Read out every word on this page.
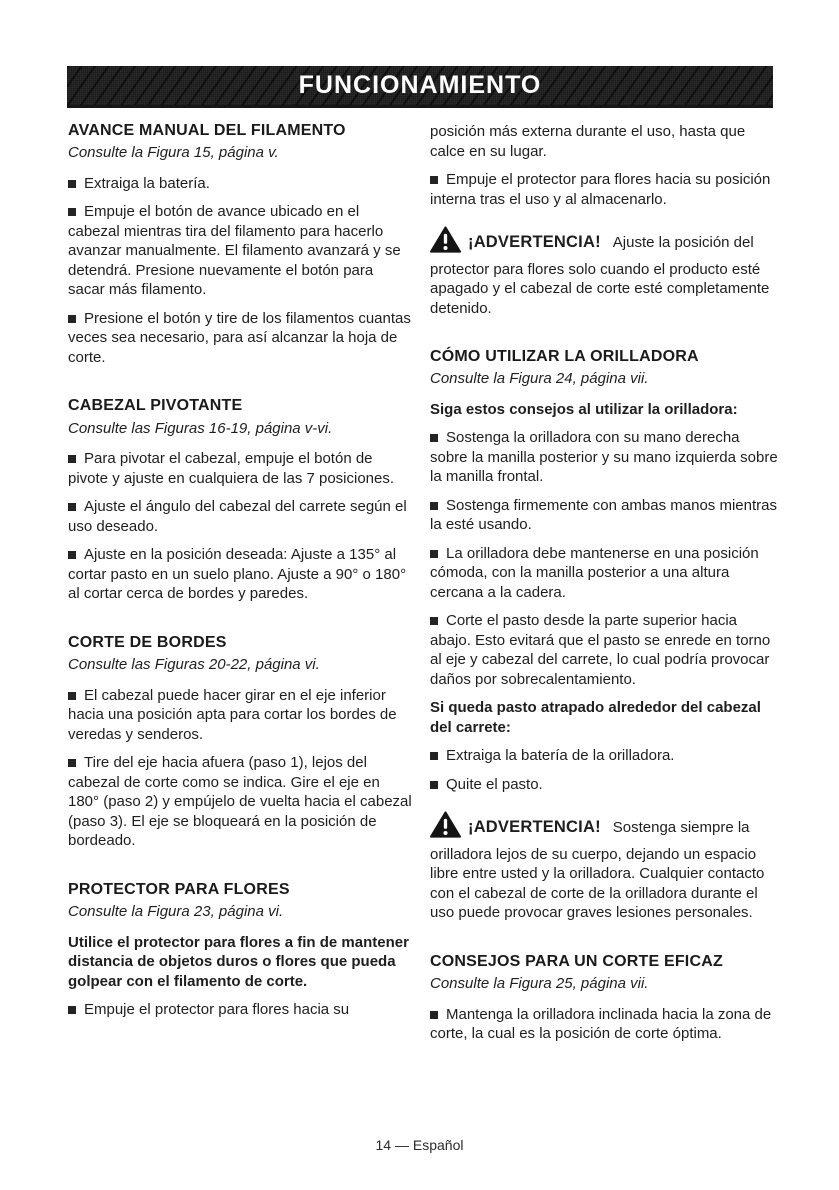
FUNCIONAMIENTO
AVANCE MANUAL DEL FILAMENTO

Consulte la Figura 15, página v.

Extraiga la batería.

Empuje el botón de avance ubicado en el cabezal mientras tira del filamento para hacerlo avanzar manualmente. El filamento avanzará y se detendrá. Presione nuevamente el botón para sacar más filamento.

Presione el botón y tire de los filamentos cuantas veces sea necesario, para así alcanzar la hoja de corte.

CABEZAL PIVOTANTE

Consulte las Figuras 16-19, página v-vi.

Para pivotar el cabezal, empuje el botón de pivote y ajuste en cualquiera de las 7 posiciones.

Ajuste el ángulo del cabezal del carrete según el uso deseado.

Ajuste en la posición deseada: Ajuste a 135° al cortar pasto en un suelo plano. Ajuste a 90° o 180° al cortar cerca de bordes y paredes.

CORTE DE BORDES

Consulte las Figuras 20-22, página vi.

El cabezal puede hacer girar en el eje inferior hacia una posición apta para cortar los bordes de veredas y senderos.

Tire del eje hacia afuera (paso 1), lejos del cabezal de corte como se indica. Gire el eje en 180° (paso 2) y empújelo de vuelta hacia el cabezal (paso 3). El eje se bloqueará en la posición de bordeado.

PROTECTOR PARA FLORES

Consulte la Figura 23, página vi.

Utilice el protector para flores a fin de mantener distancia de objetos duros o flores que pueda golpear con el filamento de corte.

Empuje el protector para flores hacia su

posición más externa durante el uso, hasta que calce en su lugar.

Empuje el protector para flores hacia su posición interna tras el uso y al almacenarlo.

¡ADVERTENCIA! Ajuste la posición del protector para flores solo cuando el producto esté apagado y el cabezal de corte esté completamente detenido.

CÓMO UTILIZAR LA ORILLADORA

Consulte la Figura 24, página vii.

Siga estos consejos al utilizar la orilladora:

Sostenga la orilladora con su mano derecha sobre la manilla posterior y su mano izquierda sobre la manilla frontal.

Sostenga firmemente con ambas manos mientras la esté usando.

La orilladora debe mantenerse en una posición cómoda, con la manilla posterior a una altura cercana a la cadera.

Corte el pasto desde la parte superior hacia abajo. Esto evitará que el pasto se enrede en torno al eje y cabezal del carrete, lo cual podría provocar daños por sobrecalentamiento.

Si queda pasto atrapado alrededor del cabezal del carrete:

Extraiga la batería de la orilladora.

Quite el pasto.

¡ADVERTENCIA! Sostenga siempre la orilladora lejos de su cuerpo, dejando un espacio libre entre usted y la orilladora. Cualquier contacto con el cabezal de corte de la orilladora durante el uso puede provocar graves lesiones personales.

CONSEJOS PARA UN CORTE EFICAZ

Consulte la Figura 25, página vii.

Mantenga la orilladora inclinada hacia la zona de corte, la cual es la posición de corte óptima.

14 — Español
